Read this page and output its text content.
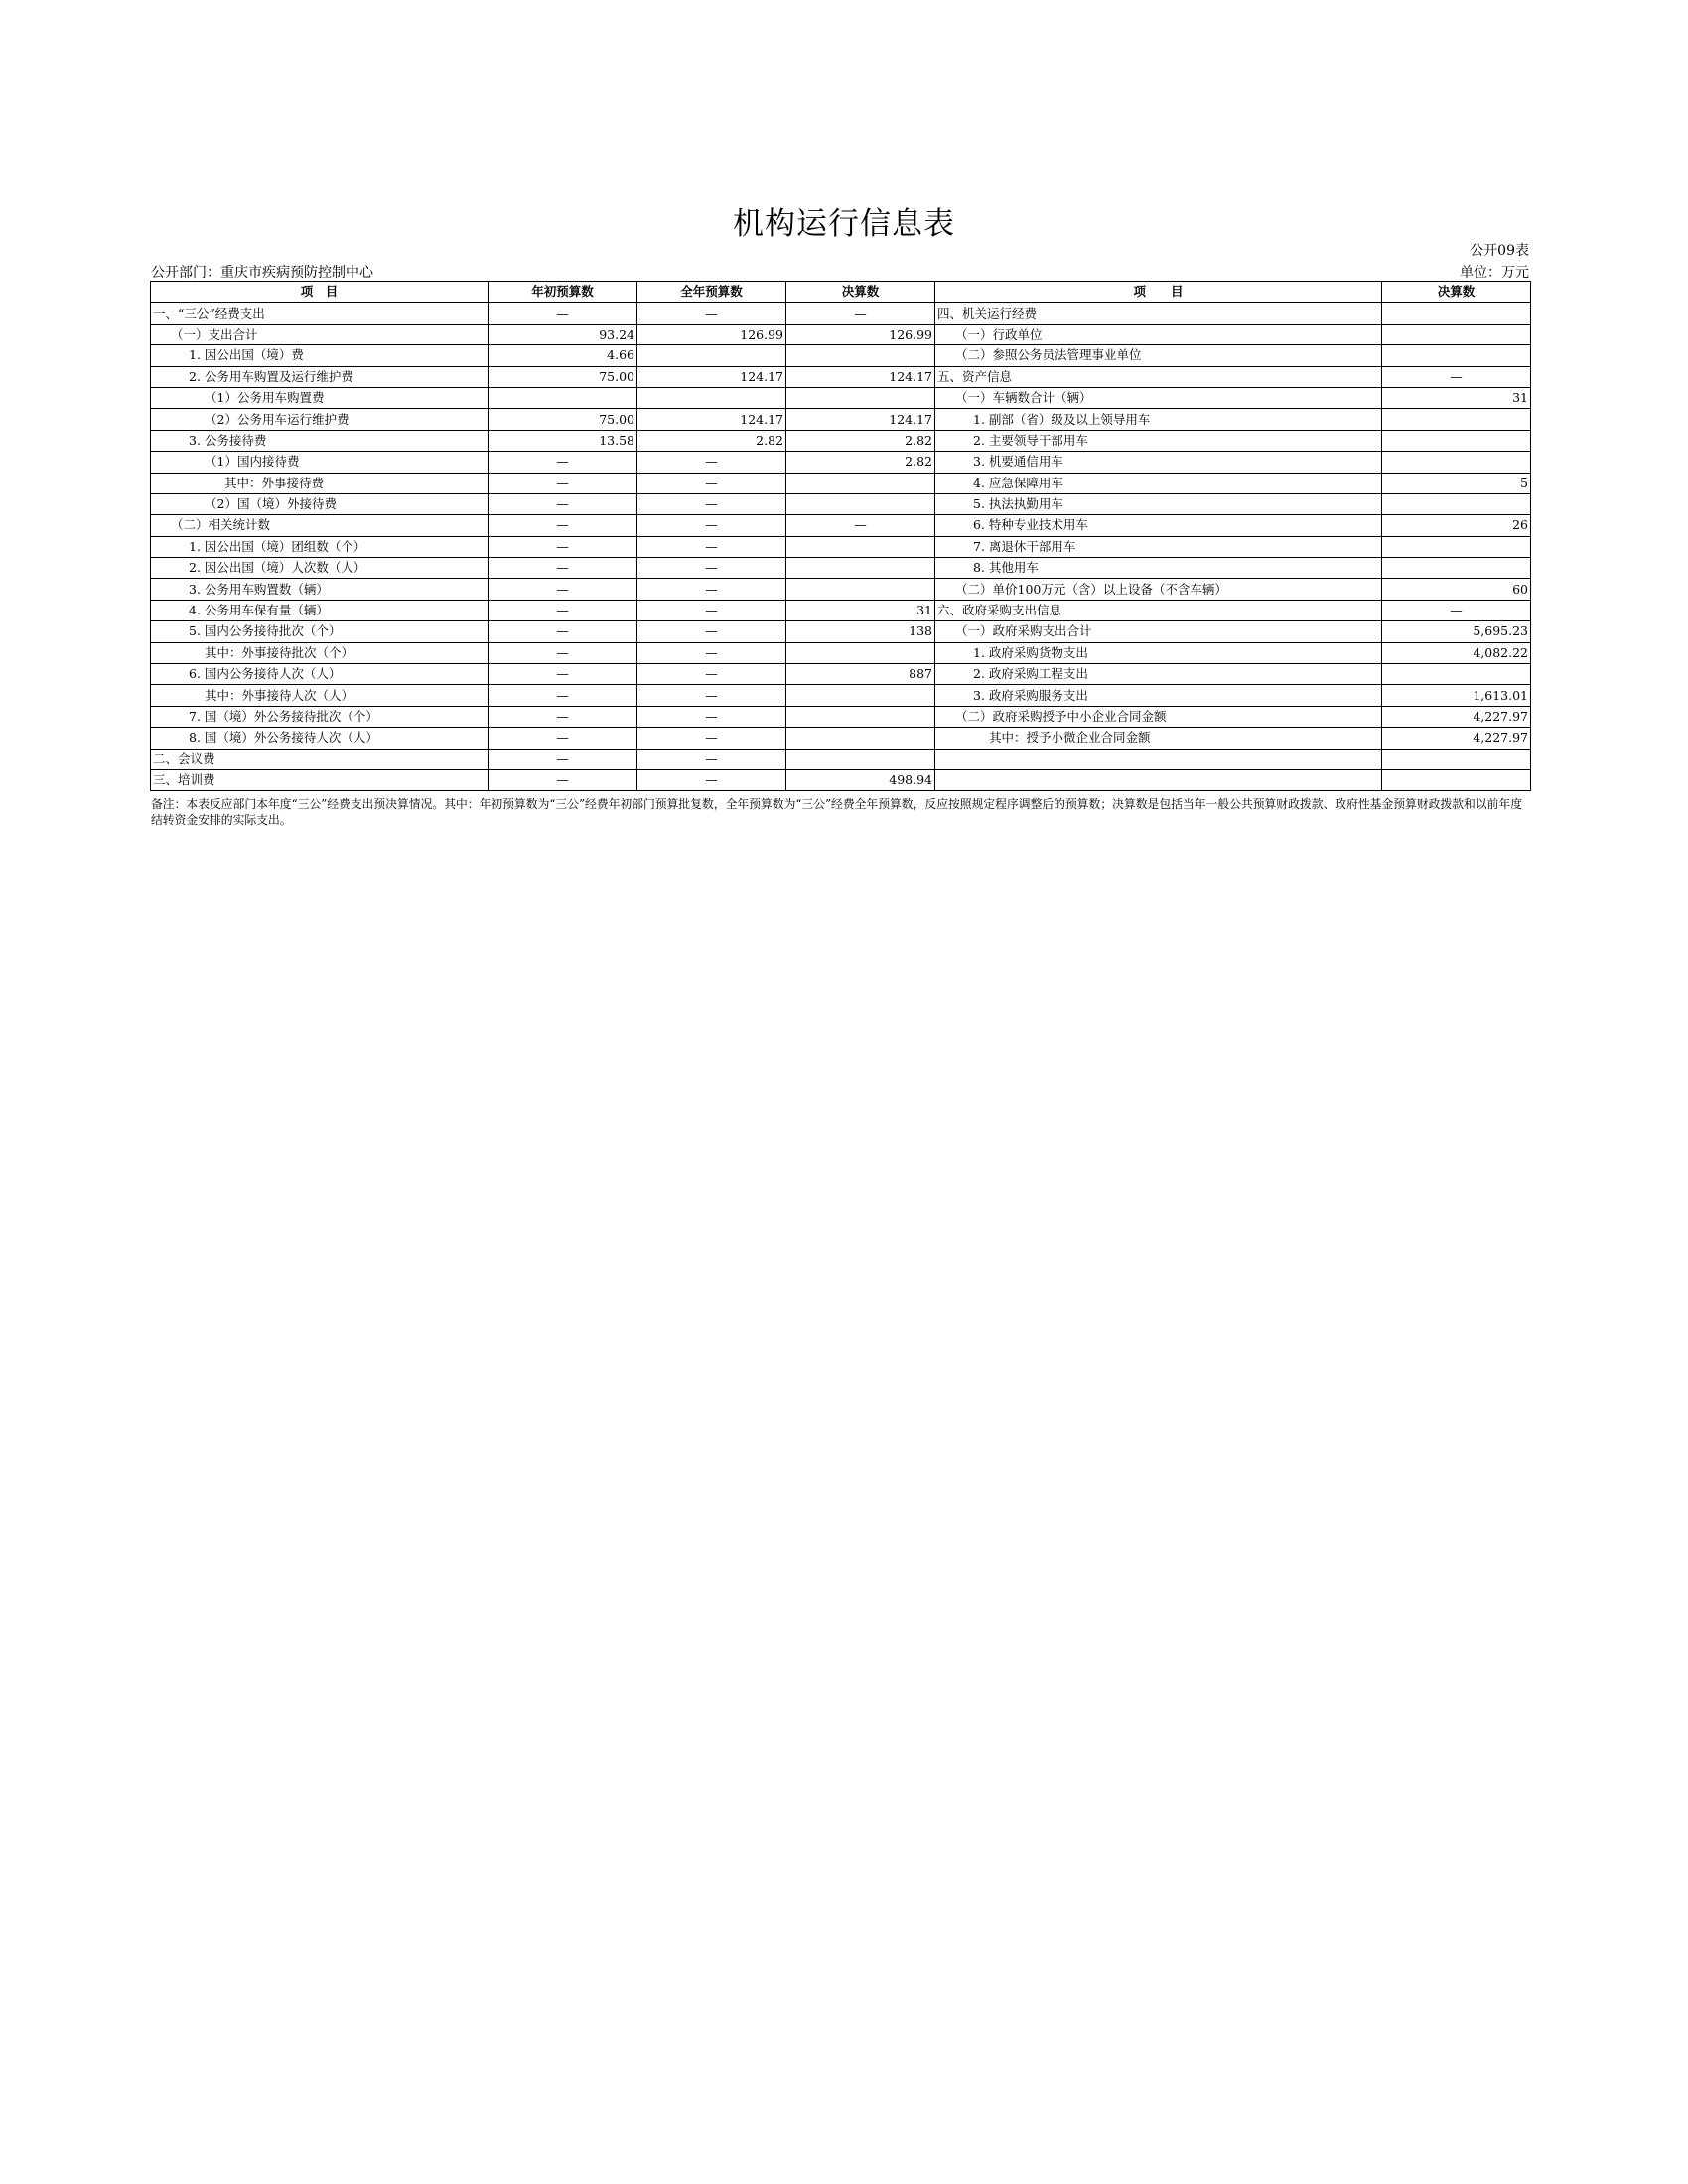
机构运行信息表
公开09表
公开部门：重庆市疾病预防控制中心	单位：万元
项　目	年初预算数	全年预算数	决算数	项　　目	决算数
一、“三公”经费支出	—	—	—	四、机关运行经费	
（一）支出合计	93.24	126.99	126.99	（一）行政单位	
1. 因公出国（境）费	4.66			（二）参照公务员法管理事业单位	
2. 公务用车购置及运行维护费	75.00	124.17	124.17	五、资产信息	—
（1）公务用车购置费				（一）车辆数合计（辆）	31
（2）公务用车运行维护费	75.00	124.17	124.17	1. 副部（省）级及以上领导用车	
3. 公务接待费	13.58	2.82	2.82	2. 主要领导干部用车	
（1）国内接待费	—	—	2.82	3. 机要通信用车	
其中：外事接待费	—	—		4. 应急保障用车	5
（2）国（境）外接待费	—	—		5. 执法执勤用车	
（二）相关统计数	—	—	—	6. 特种专业技术用车	26
1. 因公出国（境）团组数（个）	—	—		7. 离退休干部用车	
2. 因公出国（境）人次数（人）	—	—		8. 其他用车	
3. 公务用车购置数（辆）	—	—		（二）单价100万元（含）以上设备（不含车辆）	60
4. 公务用车保有量（辆）	—	—	31	六、政府采购支出信息	—
5. 国内公务接待批次（个）	—	—	138	（一）政府采购支出合计	5,695.23
其中：外事接待批次（个）	—	—		1. 政府采购货物支出	4,082.22
6. 国内公务接待人次（人）	—	—	887	2. 政府采购工程支出	
其中：外事接待人次（人）	—	—		3. 政府采购服务支出	1,613.01
7. 国（境）外公务接待批次（个）	—	—		（二）政府采购授予中小企业合同金额	4,227.97
8. 国（境）外公务接待人次（人）	—	—		其中：授予小微企业合同金额	4,227.97
二、会议费	—	—			
三、培训费	—	—	498.94		
备注：本表反应部门本年度“三公”经费支出预决算情况。其中：年初预算数为“三公”经费年初部门预算批复数，全年预算数为“三公”经费全年预算数，反应按照规定程序调整后的预算数；决算数是包括当年一般公共预算财政拨款、政府性基金预算财政拨款和以前年度结转资金安排的实际支出。
